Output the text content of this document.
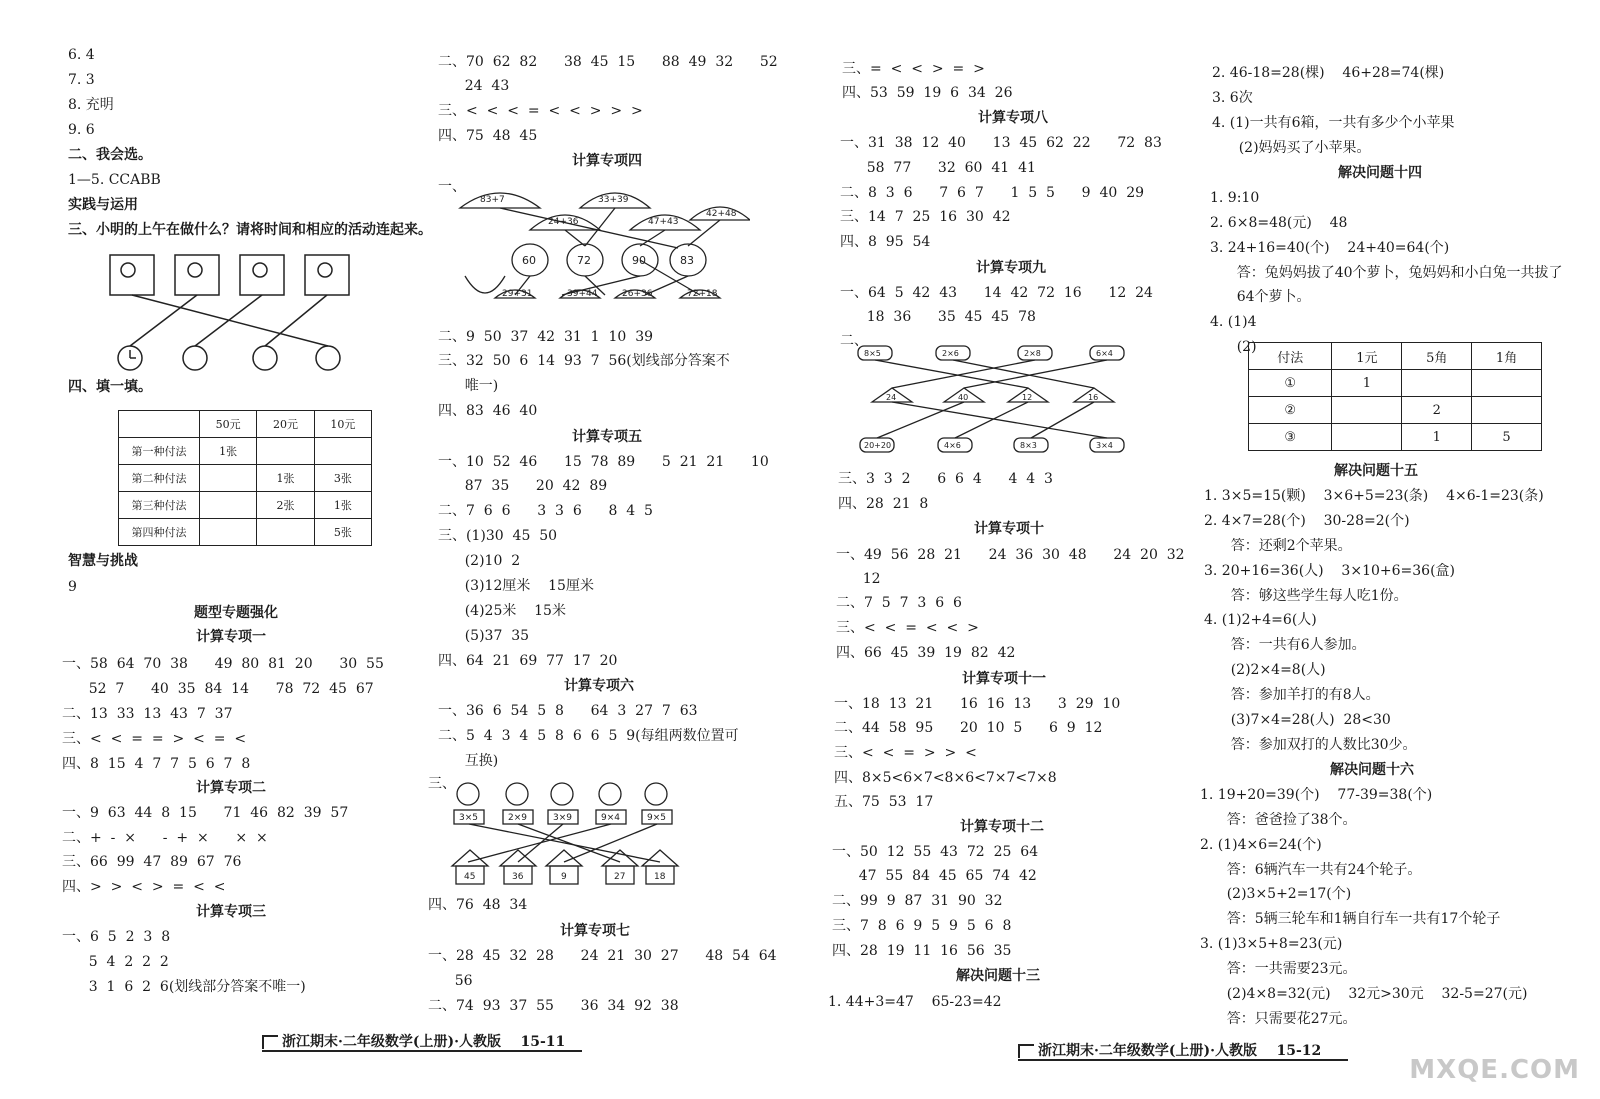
6. 4
7. 3
8. 充明
9. 6
二、我会选。
1—5. CCABB
实践与运用
三、小明的上午在做什么？请将时间和相应的活动连起来。
四、填一填。
	50元	20元	10元
第一种付法	1张		
第二种付法		1张	3张
第三种付法		2张	1张
第四种付法			5张
智慧与挑战
9
题型专题强化
计算专项一
一、58  64  70  38      49  80  81  20      30  55
52  7      40  35  84  14      78  72  45  67
二、13  33  13  43  7  37
三、<  <  =  =  >  <  =  <
四、8  15  4  7  7  5  6  7  8
计算专项二
一、9  63  44  8  15      71  46  82  39  57
二、+  -  ×      -  +  ×      ×  ×
三、66  99  47  89  67  76
四、>  >  <  >  =  <  <
计算专项三
一、6  5  2  3  8
5  4  2  2  2
3  1  6  2  6(划线部分答案不唯一)
浙江期末·二年级数学(上册)·人教版    15-11
二、70  62  82      38  45  15      88  49  32      52
24  43
三、<  <  <  =  <  <  >  >  >
四、75  48  45
计算专项四
一、
83+7
24+36
33+39
47+43
42+48
60	72	90	83
29+31	39+44	26+36	72+18
二、9  50  37  42  31  1  10  39
三、32  50  6  14  93  7  56(划线部分答案不
唯一)
四、83  46  40
计算专项五
一、10  52  46      15  78  89      5  21  21      10
87  35      20  42  89
二、7  6  6      3  3  6      8  4  5
三、(1)30  45  50
(2)10  2
(3)12厘米    15厘米
(4)25米    15米
(5)37  35
四、64  21  69  77  17  20
计算专项六
一、36  6  54  5  8      64  3  27  7  63
二、5  4  3  4  5  8  6  6  5  9(每组两数位置可
互换)
三、
3×5	2×9	3×9	9×4	9×5
45	36	9	27	18
四、76  48  34
计算专项七
一、28  45  32  28      24  21  30  27      48  54  64
56
二、74  93  37  55      36  34  92  38
三、=  <  <  >  =  >
四、53  59  19  6  34  26
计算专项八
一、31  38  12  40      13  45  62  22      72  83
58  77      32  60  41  41
二、8  3  6      7  6  7      1  5  5      9  40  29
三、14  7  25  16  30  42
四、8  95  54
计算专项九
一、64  5  42  43      14  42  72  16      12  24
18  36      35  45  45  78
二、
8×5	2×6	2×8	6×4
24	40	12	16
20+20	4×6	8×3	3×4
三、3  3  2      6  6  4      4  4  3
四、28  21  8
计算专项十
一、49  56  28  21      24  36  30  48      24  20  32
12
二、7  5  7  3  6  6
三、<  <  =  <  <  >
四、66  45  39  19  82  42
计算专项十一
一、18  13  21      16  16  13      3  29  10
二、44  58  95      20  10  5      6  9  12
三、<  <  =  >  >  <
四、8×5<6×7<8×6<7×7<7×8
五、75  53  17
计算专项十二
一、50  12  55  43  72  25  64
47  55  84  45  65  74  42
二、99  9  87  31  90  32
三、7  8  6  9  5  9  5  6  8
四、28  19  11  16  56  35
解决问题十三
1. 44+3=47    65-23=42
浙江期末·二年级数学(上册)·人教版    15-12
2. 46-18=28(棵)    46+28=74(棵)
3. 6次
4. (1)一共有6箱，一共有多少个小苹果
(2)妈妈买了小苹果。
解决问题十四
1. 9:10
2. 6×8=48(元)    48
3. 24+16=40(个)    24+40=64(个)
答：兔妈妈拔了40个萝卜，兔妈妈和小白兔一共拔了
64个萝卜。
4. (1)4
(2)
付法	1元	5角	1角
①	1		
②		2	
③		1	5
解决问题十五
1. 3×5=15(颗)    3×6+5=23(条)    4×6-1=23(条)
2. 4×7=28(个)    30-28=2(个)
答：还剩2个苹果。
3. 20+16=36(人)    3×10+6=36(盒)
答：够这些学生每人吃1份。
4. (1)2+4=6(人)
答：一共有6人参加。
(2)2×4=8(人)
答：参加羊打的有8人。
(3)7×4=28(人)  28<30
答：参加双打的人数比30少。
解决问题十六
1. 19+20=39(个)    77-39=38(个)
答：爸爸捡了38个。
2. (1)4×6=24(个)
答：6辆汽车一共有24个轮子。
(2)3×5+2=17(个)
答：5辆三轮车和1辆自行车一共有17个轮子
3. (1)3×5+8=23(元)
答：一共需要23元。
(2)4×8=32(元)    32元>30元    32-5=27(元)
答：只需要花27元。
MXQE.COM
